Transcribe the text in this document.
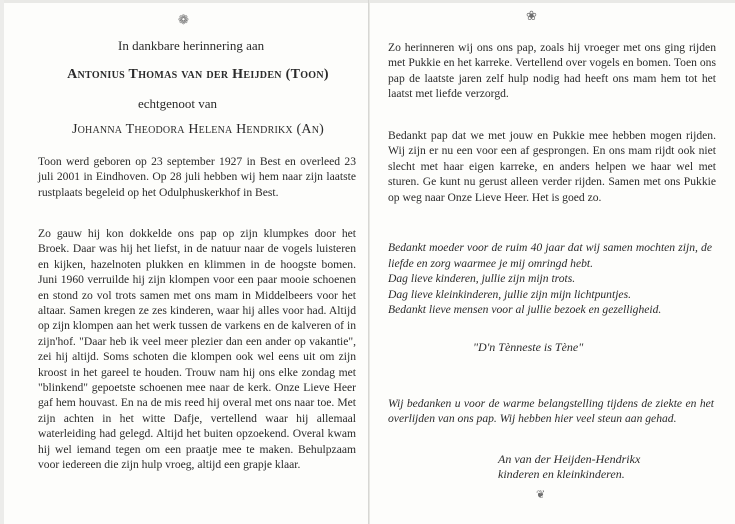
❁	❀
❦
In dankbare herinnering aan
Antonius Thomas van der Heijden (Toon)
echtgenoot van
Johanna Theodora Helena Hendrikx (An)
Toon werd geboren op 23 september 1927 in Best en overleed 23 juli 2001 in Eindhoven. Op 28 juli hebben wij hem naar zijn laatste rustplaats begeleid op het Odulphuskerkhof in Best.
Zo gauw hij kon dokkelde ons pap op zijn klumpkes door het Broek. Daar was hij het liefst, in de natuur naar de vogels luisteren en kijken, hazelnoten plukken en klimmen in de hoogste bomen. Juni 1960 verruilde hij zijn klompen voor een paar mooie schoenen en stond zo vol trots samen met ons mam in Middelbeers voor het altaar. Samen kregen ze zes kinderen, waar hij alles voor had. Altijd op zijn klompen aan het werk tussen de varkens en de kalveren of in zijn'hof. "Daar heb ik veel meer plezier dan een ander op vakantie", zei hij altijd. Soms schoten die klompen ook wel eens uit om zijn kroost in het gareel te houden. Trouw nam hij ons elke zondag met "blinkend" gepoetste schoenen mee naar de kerk. Onze Lieve Heer gaf hem houvast. En na de mis reed hij overal met ons naar toe. Met zijn achten in het witte Dafje, vertellend waar hij allemaal waterleiding had gelegd. Altijd het buiten opzoekend. Overal kwam hij wel iemand tegen om een praatje mee te maken. Behulpzaam voor iedereen die zijn hulp vroeg, altijd een grapje klaar.
Zo herinneren wij ons ons pap, zoals hij vroeger met ons ging rijden met Pukkie en het karreke. Vertellend over vogels en bomen. Toen ons pap de laatste jaren zelf hulp nodig had heeft ons mam hem tot het laatst met liefde verzorgd.
Bedankt pap dat we met jouw en Pukkie mee hebben mogen rijden. Wij zijn er nu een voor een af gesprongen. En ons mam rijdt ook niet slecht met haar eigen karreke, en anders helpen we haar wel met sturen. Ge kunt nu gerust alleen verder rijden. Samen met ons Pukkie op weg naar Onze Lieve Heer. Het is goed zo.
Bedankt moeder voor de ruim 40 jaar dat wij samen mochten zijn, de liefde en zorg waarmee je mij omringd hebt.
Dag lieve kinderen, jullie zijn mijn trots.
Dag lieve kleinkinderen, jullie zijn mijn lichtpuntjes.
Bedankt lieve mensen voor al jullie bezoek en gezelligheid.
"D'n Tènneste is Tène"
Wij bedanken u voor de warme belangstelling tijdens de ziekte en het overlijden van ons pap. Wij hebben hier veel steun aan gehad.
An van der Heijden-Hendrikx
kinderen en kleinkinderen.
